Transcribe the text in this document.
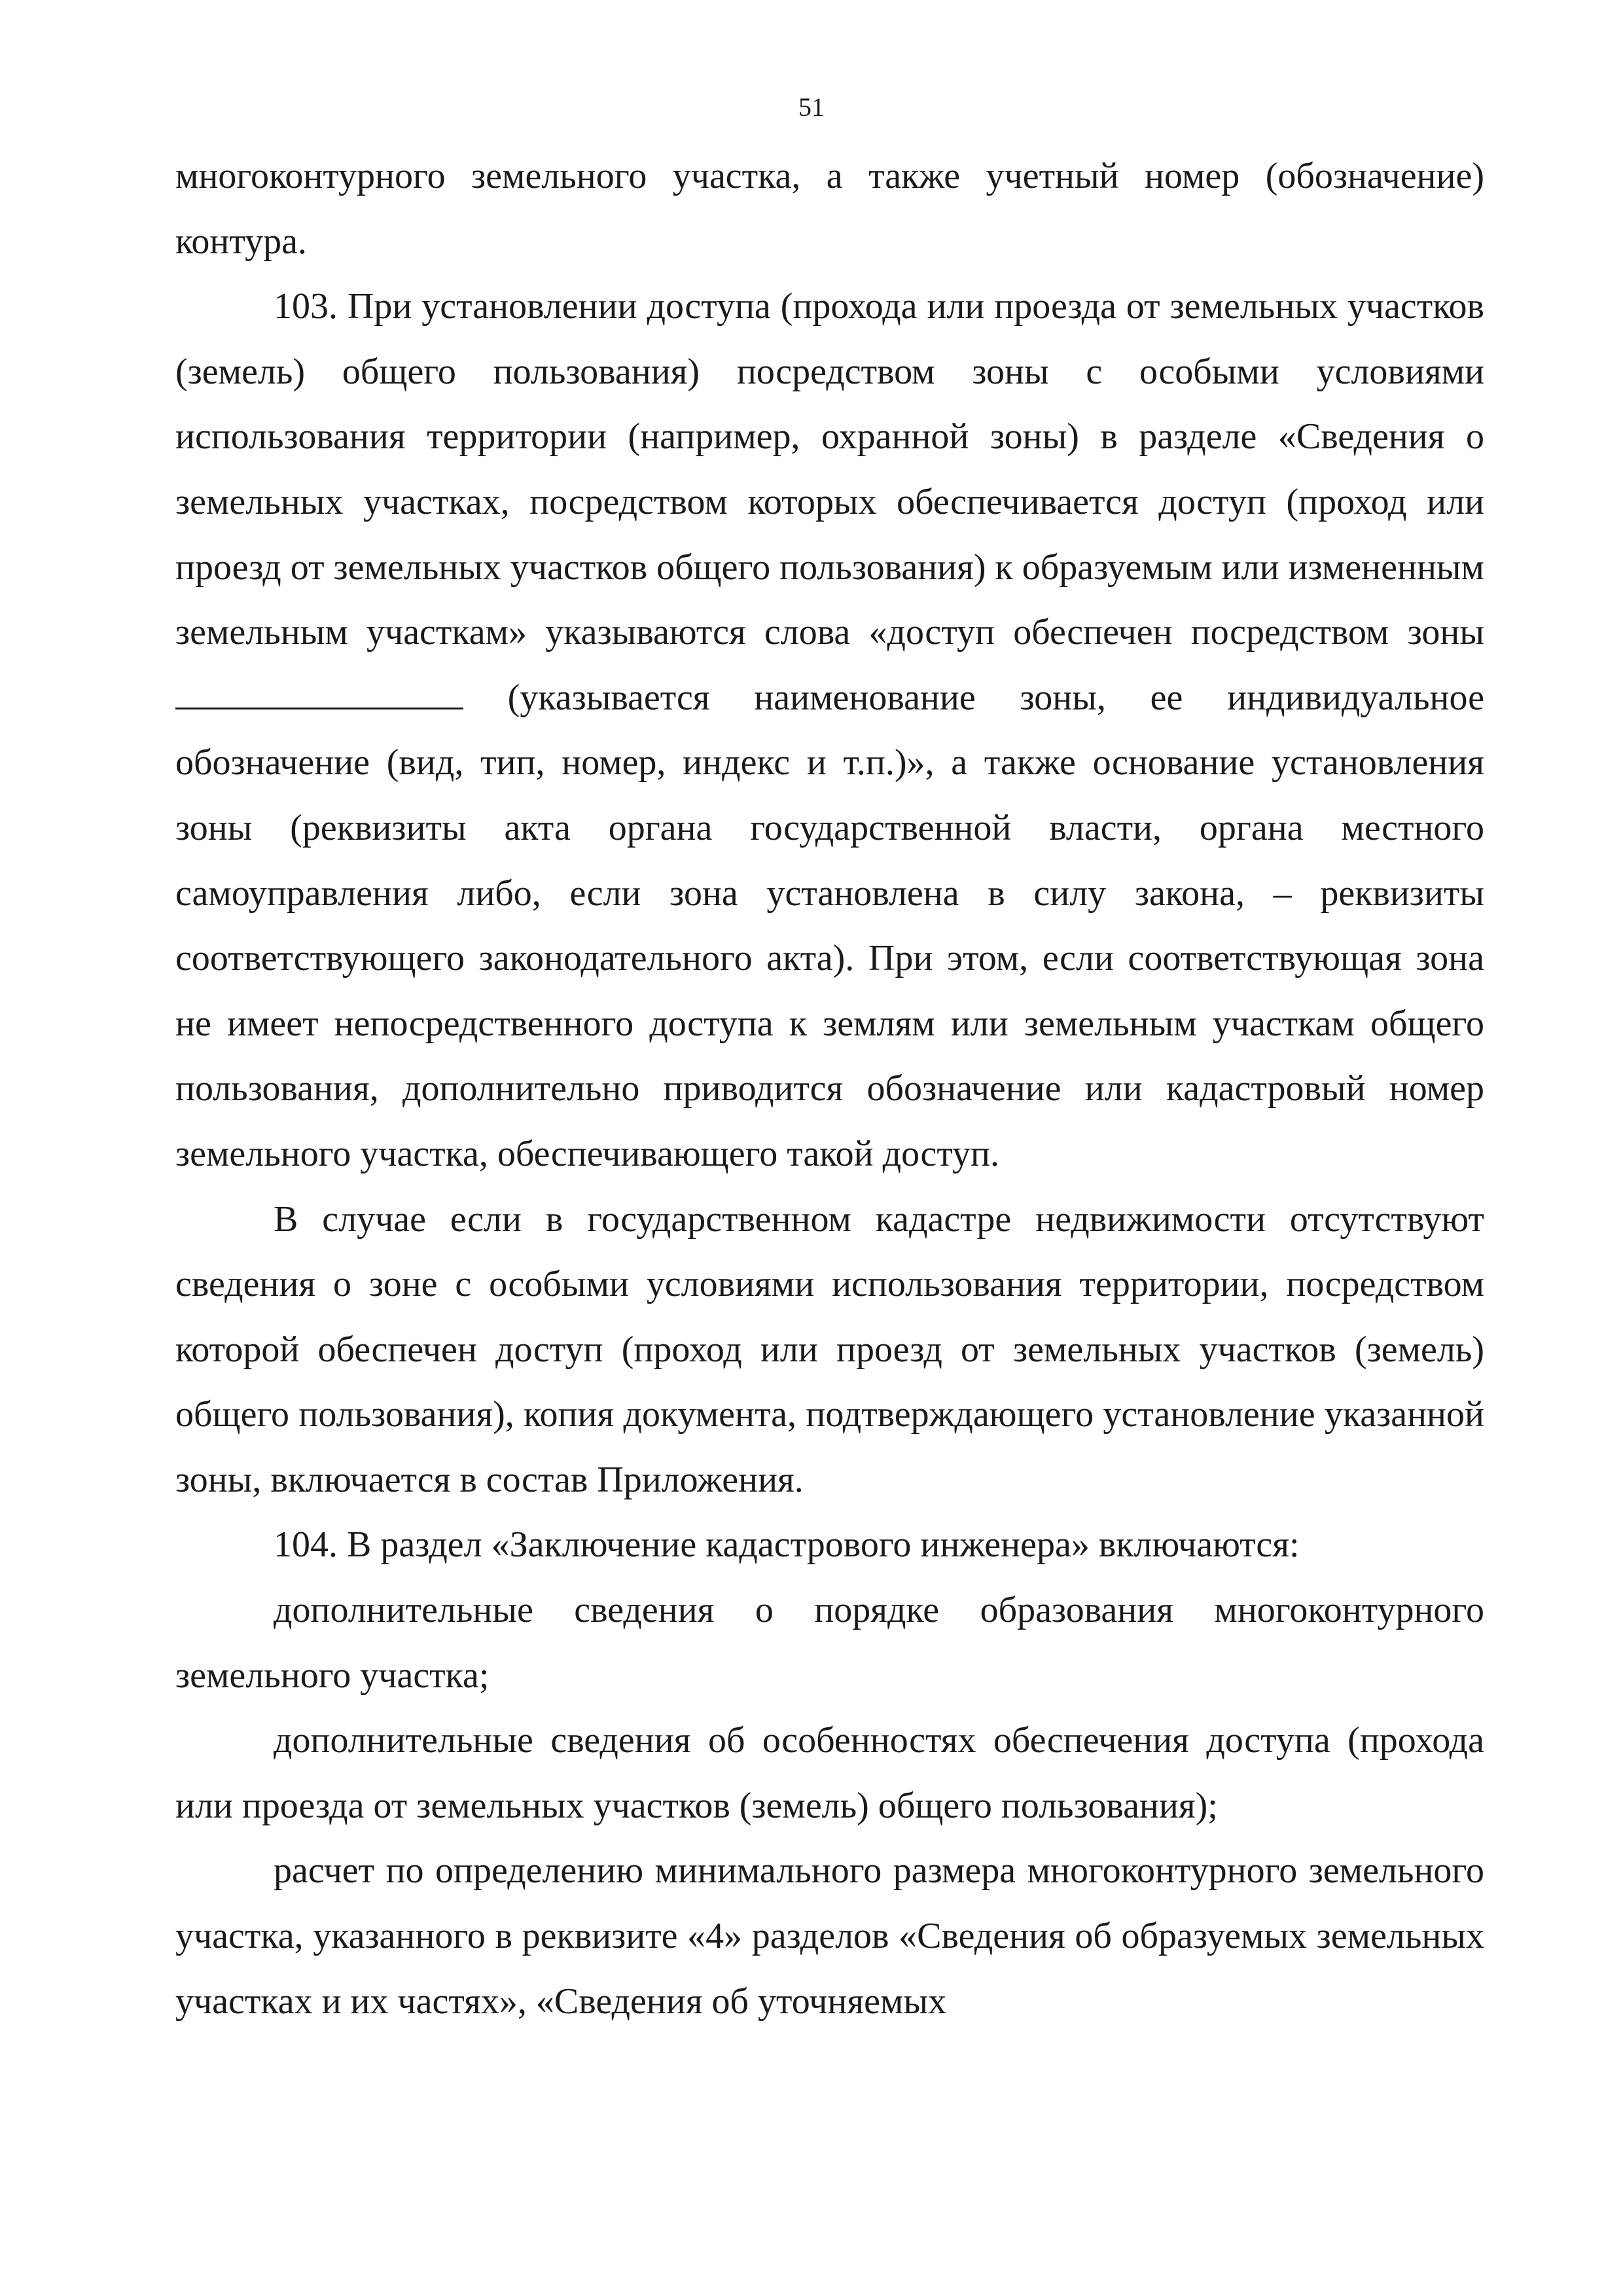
51

многоконтурного земельного участка, а также учетный номер (обозначение) контура.

103. При установлении доступа (прохода или проезда от земельных участков (земель) общего пользования) посредством зоны с особыми условиями использования территории (например, охранной зоны) в разделе «Сведения о земельных участках, посредством которых обеспечивается доступ (проход или проезд от земельных участков общего пользования) к образуемым или измененным земельным участкам» указываются слова «доступ обеспечен посредством зоны  (указывается наименование зоны, ее индивидуальное обозначение (вид, тип, номер, индекс и т.п.)», а также основание установления зоны (реквизиты акта органа государственной власти, органа местного самоуправления либо, если зона установлена в силу закона, – реквизиты соответствующего законодательного акта). При этом, если соответствующая зона не имеет непосредственного доступа к землям или земельным участкам общего пользования, дополнительно приводится обозначение или кадастровый номер земельного участка, обеспечивающего такой доступ.

В случае если в государственном кадастре недвижимости отсутствуют сведения о зоне с особыми условиями использования территории, посредством которой обеспечен доступ (проход или проезд от земельных участков (земель) общего пользования), копия документа, подтверждающего установление указанной зоны, включается в состав Приложения.

104. В раздел «Заключение кадастрового инженера» включаются:

дополнительные сведения о порядке образования многоконтурного земельного участка;

дополнительные сведения об особенностях обеспечения доступа (прохода или проезда от земельных участков (земель) общего пользования);

расчет по определению минимального размера многоконтурного земельного участка, указанного в реквизите «4» разделов «Сведения об образуемых земельных участках и их частях», «Сведения об уточняемых
